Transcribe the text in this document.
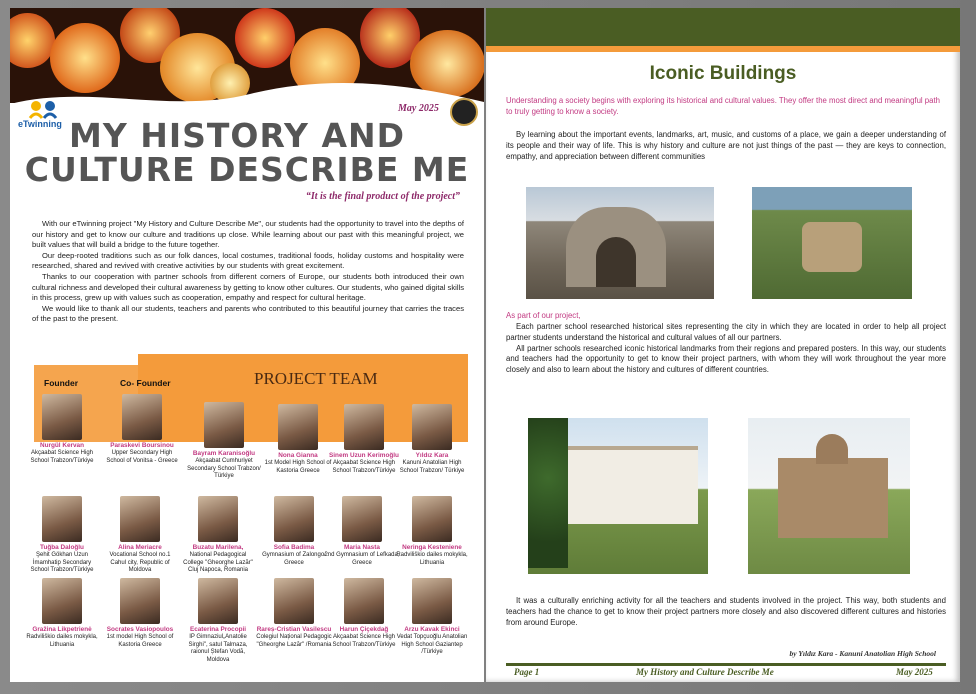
eTwinning
May 2025
MY HISTORY AND
CULTURE DESCRIBE ME
“It is the final product of the project”

With our eTwinning project "My History and Culture Describe Me", our students had the opportunity to travel into the depths of our history and get to know our culture and traditions up close. While learning about our past with this meaningful project, we built values that will build a bridge to the future together.

Our deep-rooted traditions such as our folk dances, local costumes, traditional foods, holiday customs and hospitality were researched, shared and revived with creative activities by our students with great excitement.

Thanks to our cooperation with partner schools from different corners of Europe, our students both introduced their own cultural richness and developed their cultural awareness by getting to know other cultures. Our students, who gained digital skills in this process, grew up with values such as cooperation, empathy and respect for cultural heritage.

We would like to thank all our students, teachers and parents who contributed to this beautiful journey that carries the traces of the past to the present.

Founder	Co- Founder	PROJECT TEAM
Nurgül Kervan
Akçaabat Science High School Trabzon/Türkiye
Paraskevi Boursinou
Upper Secondary High School of Vonitsa - Greece
Bayram Karanisoğlu
Akçaabat Cumhuriyet Secondary School Trabzon/ Türkiye
Nona Gianna
1st Model High School of Kastoria Greece
Sinem Uzun Kerimoğlu
Akçaabat Science High School Trabzon/Türkiye
Yıldız Kara
Kanuni Anatolian High School Trabzon/ Türkiye
Tuğba Daloğlu
Şehit Gökhan Uzun İmamhatip Secondary School Trabzon/Türkiye
Alina Meriacre
Vocational School no.1 Cahul city, Republic of Moldova
Buzatu Marilena,
National Pedagogical College "Gheorghe Lazăr" Cluj Napoca, Romania
Sofia Badima
Gymnasium of Zalongo/ Greece
Maria Nasta
2nd Gymnasium of Lefkada, Greece
Neringa Kesteniene
Radviliškio dailes mokykla, Lithuania
Gražina Likpetrienė
Radviliškio dailes mokykla, Lithuania
Socrates Vasiopoulos
1st model High School of Kastoria Greece
Ecaterina Procopii
IP Gimnaziul„Anatolie Sirghi", satul Talmaza, raionul Ștefan Vodă, Moldova
Rareș-Cristian Vasilescu
Colegiul Național Pedagogic "Gheorghe Lazăr" /Romania
Harun Çiçekdağ
Akçaabat Science High School Trabzon/Türkiye
Arzu Kavak Ekinci
Vedat Topçuoğlu Anatolian High School Gaziantep /Türkiye
Iconic Buildings
Understanding a society begins with exploring its historical and cultural values. They offer the most direct and meaningful path to truly getting to know a society.

By learning about the important events, landmarks, art, music, and customs of a place, we gain a deeper understanding of its people and their way of life. This is why history and culture are not just things of the past — they are keys to connection, empathy, and appreciation between different communities

As part of our project,

Each partner school researched historical sites representing the city in which they are located in order to help all project partner students understand the historical and cultural values of all our partners.

All partner schools researched iconic historical landmarks from their regions and prepared posters. In this way, our students and teachers had the opportunity to get to know their project partners, with whom they will work throughout the year more closely and also to learn about the history and cultures of different countries.

It was a culturally enriching activity for all the teachers and students involved in the project. This way, both students and teachers had the chance to get to know their project partners more closely and also discovered different cultures and histories from around Europe.

by Yıldız Kara - Kanuni Anatolian High School
Page 1	My History and Culture Describe Me	May 2025
